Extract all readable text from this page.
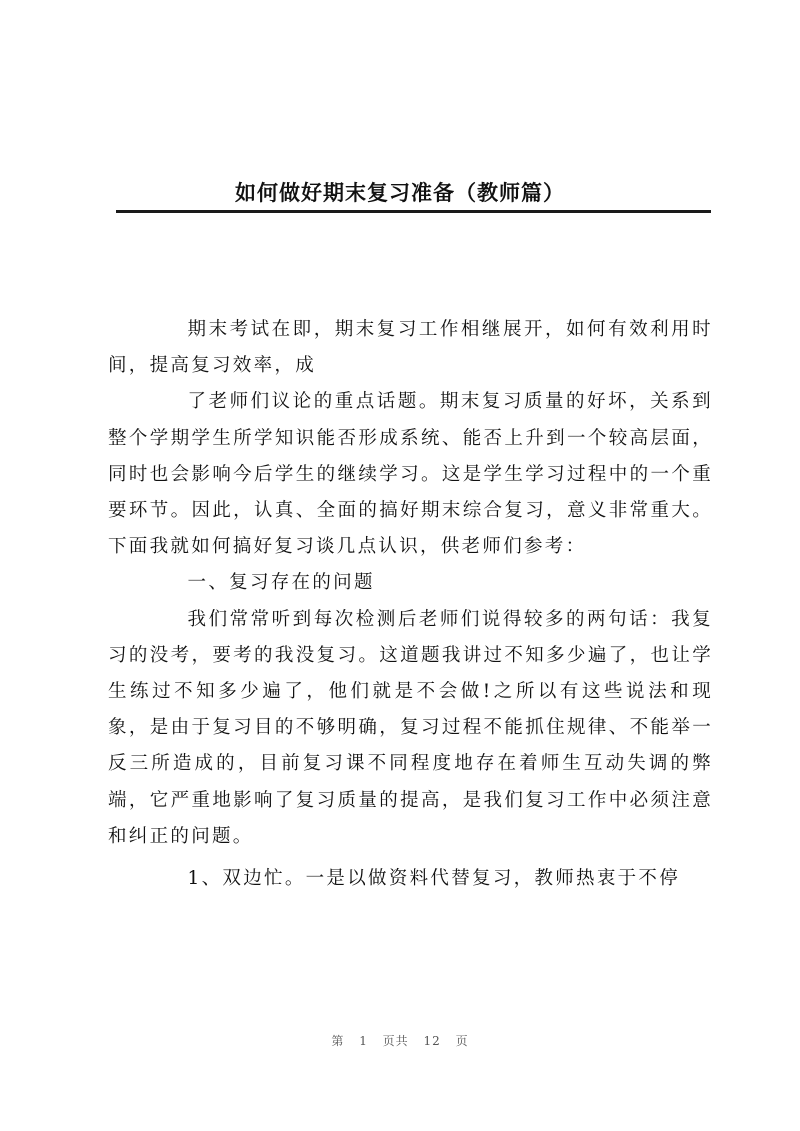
如何做好期末复习准备（教师篇）

期末考试在即，期末复习工作相继展开，如何有效利用时间，提高复习效率，成

了老师们议论的重点话题。期末复习质量的好坏，关系到整个学期学生所学知识能否形成系统、能否上升到一个较高层面，同时也会影响今后学生的继续学习。这是学生学习过程中的一个重要环节。因此，认真、全面的搞好期末综合复习，意义非常重大。下面我就如何搞好复习谈几点认识，供老师们参考：

一、复习存在的问题

我们常常听到每次检测后老师们说得较多的两句话：我复习的没考，要考的我没复习。这道题我讲过不知多少遍了，也让学生练过不知多少遍了，他们就是不会做!之所以有这些说法和现象，是由于复习目的不够明确，复习过程不能抓住规律、不能举一反三所造成的，目前复习课不同程度地存在着师生互动失调的弊端，它严重地影响了复习质量的提高，是我们复习工作中必须注意和纠正的问题。

1、双边忙。一是以做资料代替复习，教师热衷于不停

第 1 页共 12 页
